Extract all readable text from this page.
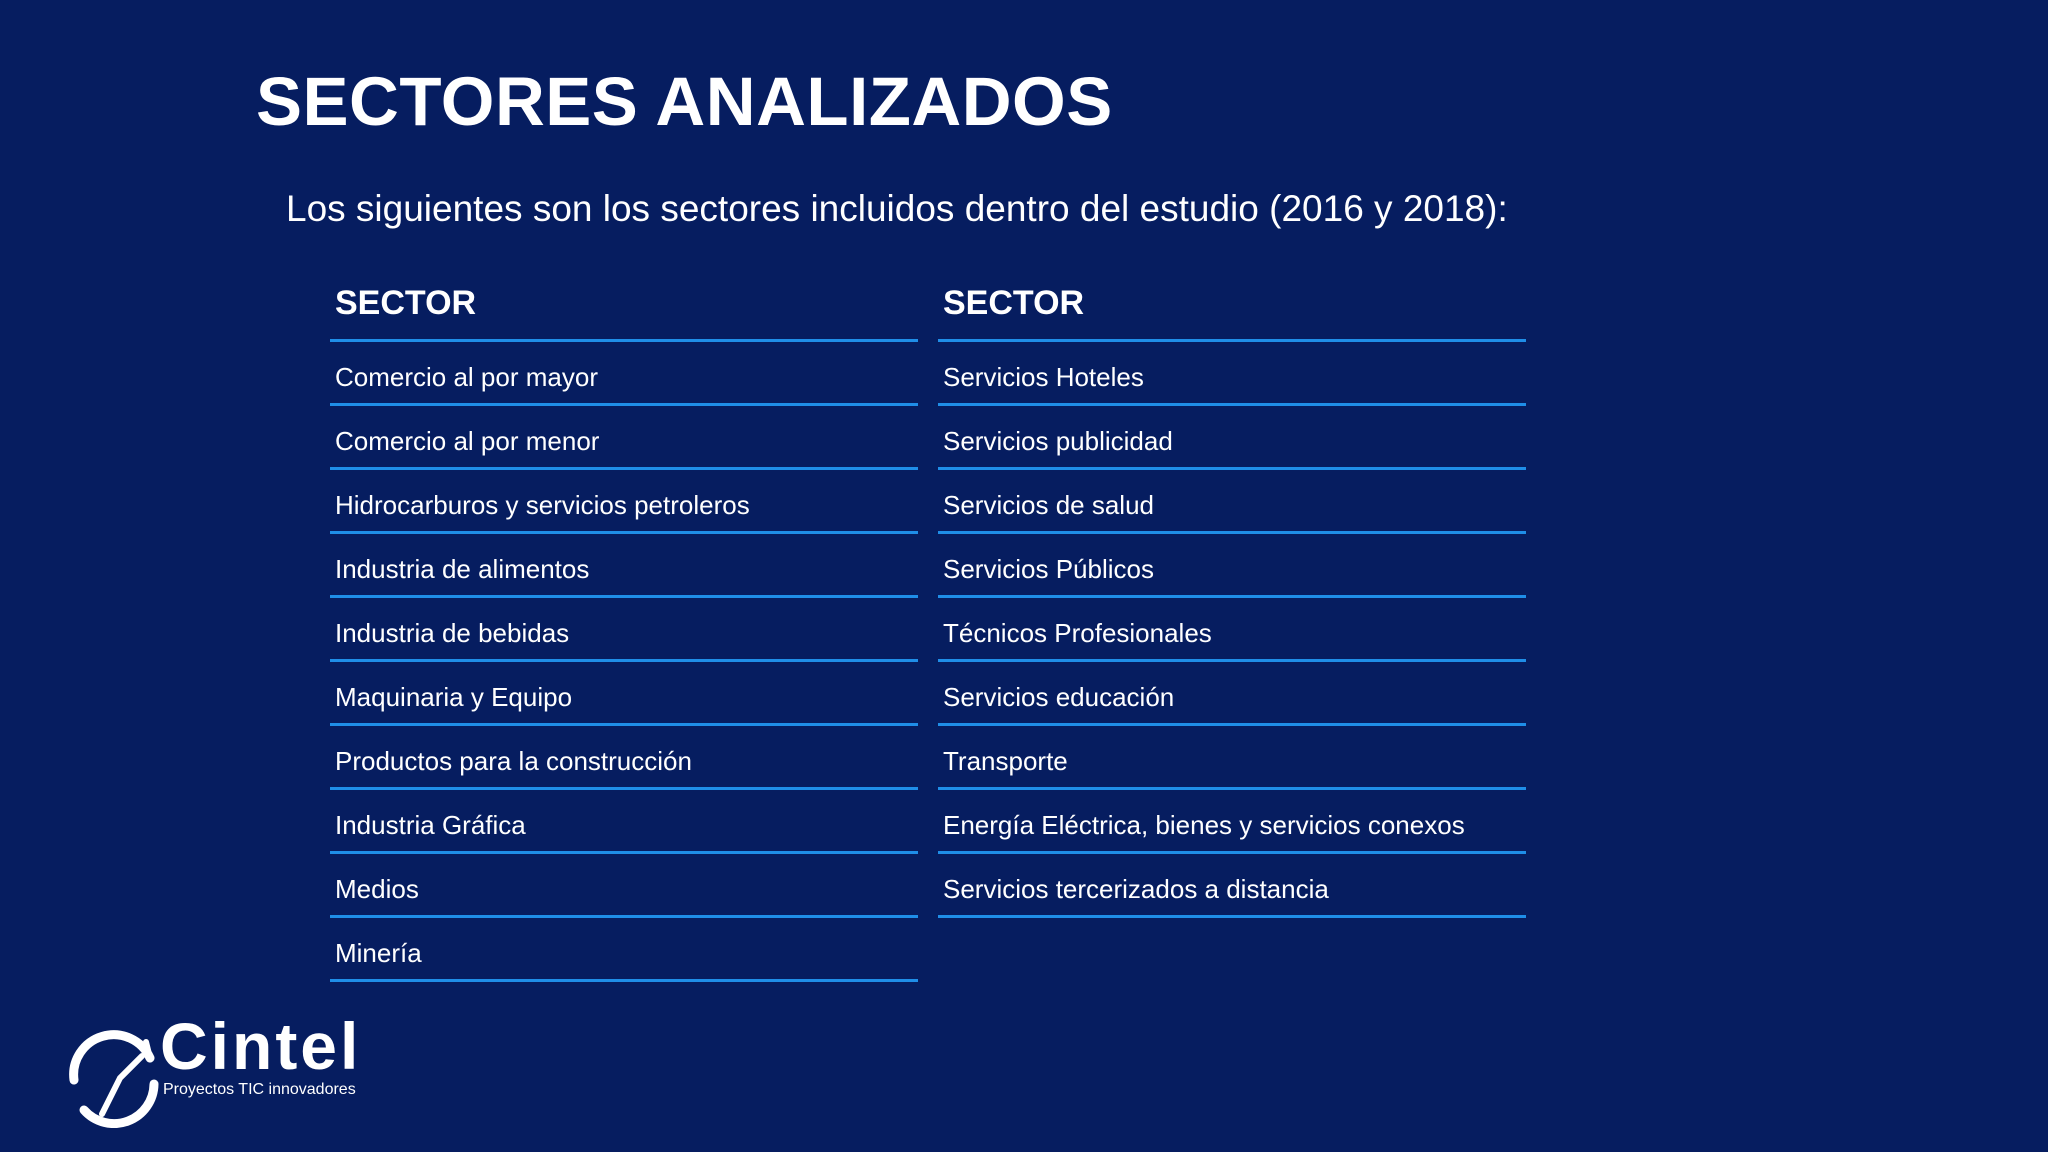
SECTORES ANALIZADOS
Los siguientes son los sectores incluidos dentro del estudio (2016 y 2018):
SECTOR
Comercio al por mayor
Comercio al por menor
Hidrocarburos y servicios petroleros
Industria de alimentos
Industria de bebidas
Maquinaria y Equipo
Productos para la construcción
Industria Gráfica
Medios
Minería
SECTOR
Servicios Hoteles
Servicios publicidad
Servicios de salud
Servicios Públicos
Técnicos Profesionales
Servicios educación
Transporte
Energía Eléctrica, bienes y servicios conexos
Servicios tercerizados a distancia
Cintel
Proyectos TIC innovadores
